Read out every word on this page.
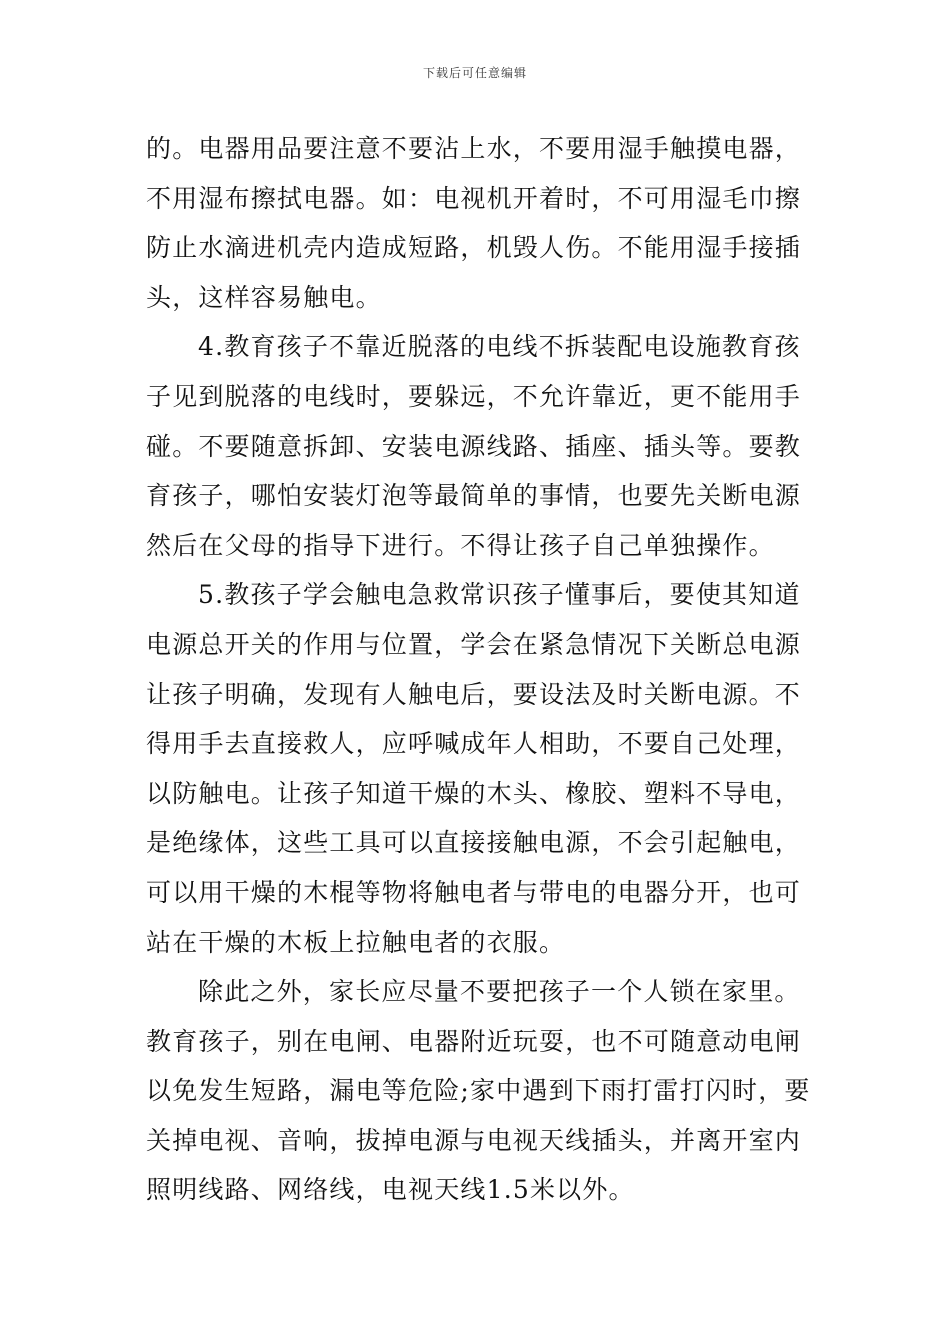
下载后可任意编辑
的。电器用品要注意不要沾上水，不要用湿手触摸电器，
不用湿布擦拭电器。如：电视机开着时，不可用湿毛巾擦
防止水滴进机壳内造成短路，机毁人伤。不能用湿手接插
头，这样容易触电。
4.教育孩子不靠近脱落的电线不拆装配电设施教育孩
子见到脱落的电线时，要躲远，不允许靠近，更不能用手
碰。不要随意拆卸、安装电源线路、插座、插头等。要教
育孩子，哪怕安装灯泡等最简单的事情，也要先关断电源
然后在父母的指导下进行。不得让孩子自己单独操作。
5.教孩子学会触电急救常识孩子懂事后，要使其知道
电源总开关的作用与位置，学会在紧急情况下关断总电源
让孩子明确，发现有人触电后，要设法及时关断电源。不
得用手去直接救人，应呼喊成年人相助，不要自己处理，
以防触电。让孩子知道干燥的木头、橡胶、塑料不导电，
是绝缘体，这些工具可以直接接触电源，不会引起触电，
可以用干燥的木棍等物将触电者与带电的电器分开，也可
站在干燥的木板上拉触电者的衣服。
除此之外，家长应尽量不要把孩子一个人锁在家里。
教育孩子，别在电闸、电器附近玩耍，也不可随意动电闸
以免发生短路，漏电等危险;家中遇到下雨打雷打闪时，要
关掉电视、音响，拔掉电源与电视天线插头，并离开室内
照明线路、网络线，电视天线1.5米以外。
